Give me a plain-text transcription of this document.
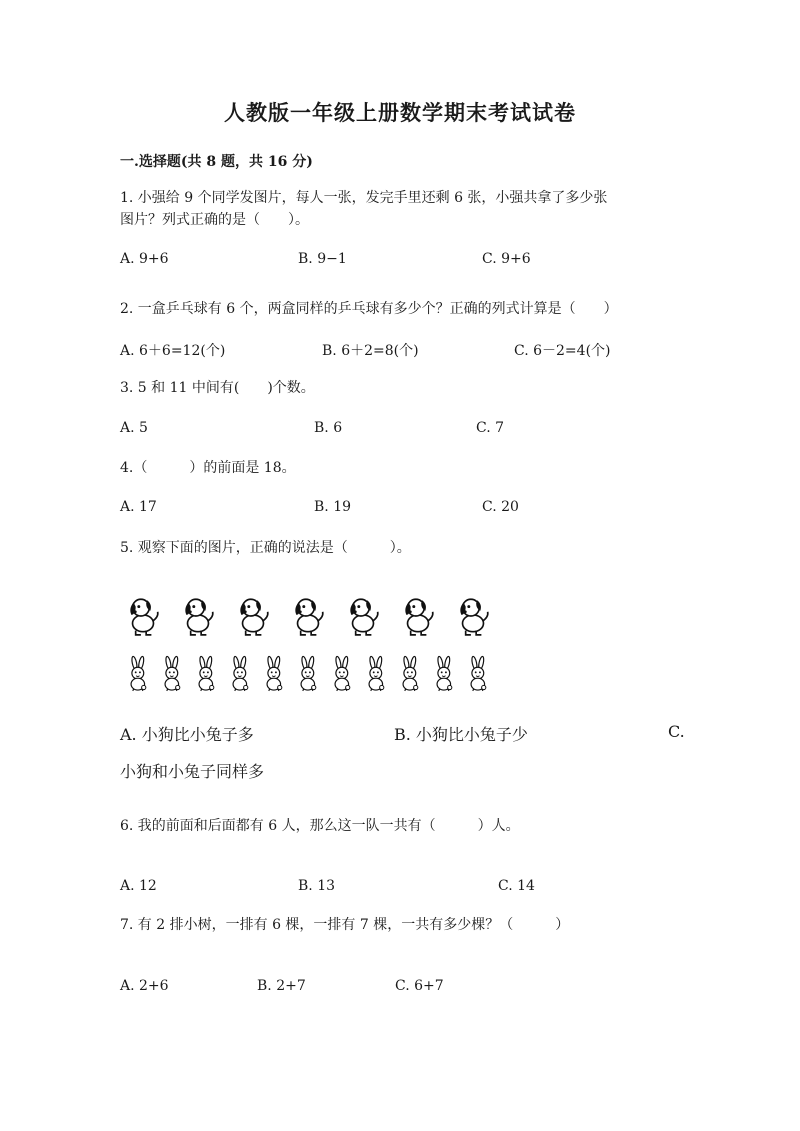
人教版一年级上册数学期末考试试卷
一.选择题(共 8 题，共 16 分)
1. 小强给 9 个同学发图片，每人一张，发完手里还剩 6 张，小强共拿了多少张
图片？列式正确的是（　　）。
A. 9+6	B. 9−1	C. 9+6
2. 一盒乒乓球有 6 个，两盒同样的乒乓球有多少个？正确的列式计算是（　　）
A. 6＋6=12(个)	B. 6＋2=8(个)	C. 6－2=4(个)
3. 5 和 11 中间有(　　)个数。
A. 5	B. 6	C. 7
4.（　　　）的前面是 18。
A. 17	B. 19	C. 20
5. 观察下面的图片，正确的说法是（　　　）。
A. 小狗比小兔子多	B. 小狗比小兔子少	C.
小狗和小兔子同样多
6. 我的前面和后面都有 6 人，那么这一队一共有（　　　）人。
A. 12	B. 13	C. 14
7. 有 2 排小树，一排有 6 棵，一排有 7 棵，一共有多少棵？（　　　）
A. 2+6	B. 2+7	C. 6+7
